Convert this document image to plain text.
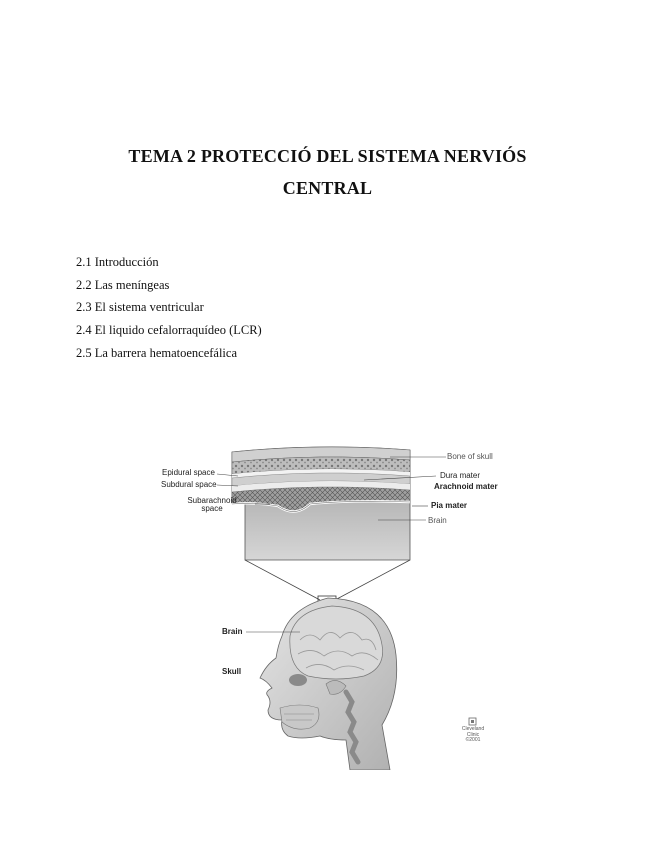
TEMA 2 PROTECCIÓ DEL SISTEMA NERVIÓS
CENTRAL
2.1 Introducción
2.2 Las meníngeas
2.3 El sistema ventricular
2.4 El liquido cefalorraquídeo (LCR)
2.5 La barrera hematoencefálica
Bone of skull
Epidural space	Dura mater
Subdural space	Arachnoid mater
Subarachnoid
space	Pia mater
Brain
Brain
Skull
Cleveland
Clinic
©2001
